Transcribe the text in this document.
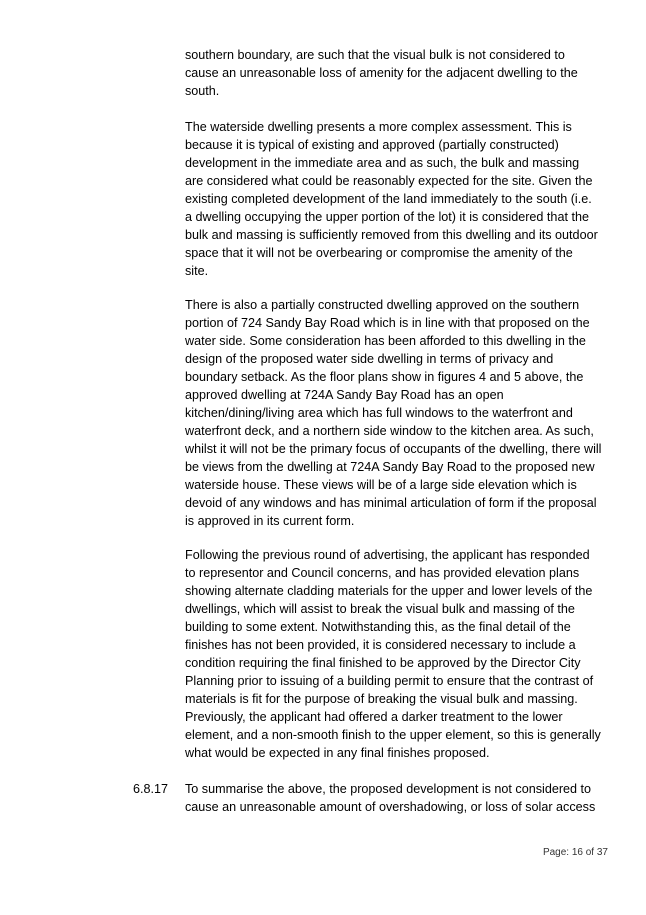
southern boundary, are such that the visual bulk is not considered to
cause an unreasonable loss of amenity for the adjacent dwelling to the
south.
The waterside dwelling presents a more complex assessment. This is
because it is typical of existing and approved (partially constructed)
development in the immediate area and as such, the bulk and massing
are considered what could be reasonably expected for the site. Given the
existing completed development of the land immediately to the south (i.e.
a dwelling occupying the upper portion of the lot) it is considered that the
bulk and massing is sufficiently removed from this dwelling and its outdoor
space that it will not be overbearing or compromise the amenity of the
site.
There is also a partially constructed dwelling approved on the southern
portion of 724 Sandy Bay Road which is in line with that proposed on the
water side. Some consideration has been afforded to this dwelling in the
design of the proposed water side dwelling in terms of privacy and
boundary setback. As the floor plans show in figures 4 and 5 above, the
approved dwelling at 724A Sandy Bay Road has an open
kitchen/dining/living area which has full windows to the waterfront and
waterfront deck, and a northern side window to the kitchen area. As such,
whilst it will not be the primary focus of occupants of the dwelling, there will
be views from the dwelling at 724A Sandy Bay Road to the proposed new
waterside house. These views will be of a large side elevation which is
devoid of any windows and has minimal articulation of form if the proposal
is approved in its current form.
Following the previous round of advertising, the applicant has responded
to representor and Council concerns, and has provided elevation plans
showing alternate cladding materials for the upper and lower levels of the
dwellings, which will assist to break the visual bulk and massing of the
building to some extent. Notwithstanding this, as the final detail of the
finishes has not been provided, it is considered necessary to include a
condition requiring the final finished to be approved by the Director City
Planning prior to issuing of a building permit to ensure that the contrast of
materials is fit for the purpose of breaking the visual bulk and massing.
Previously, the applicant had offered a darker treatment to the lower
element, and a non-smooth finish to the upper element, so this is generally
what would be expected in any final finishes proposed.
6.8.17 To summarise the above, the proposed development is not considered to
cause an unreasonable amount of overshadowing, or loss of solar access
Page: 16 of 37
